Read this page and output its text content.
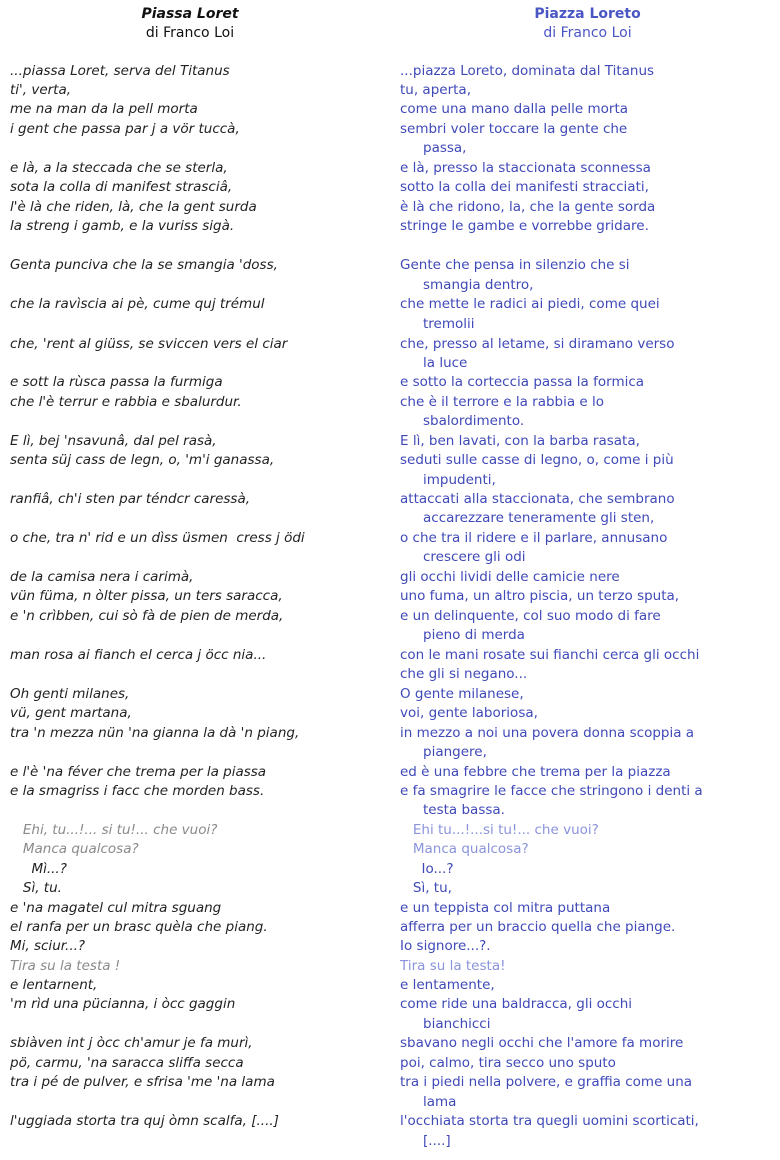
Piassa Loret
di Franco Loi
...piassa Loret, serva del Titanus
ti', verta,
me na man da la pell morta
i gent che passa par j a vör tuccà,
e là, a la steccada che se sterla,
sota la colla di manifest strasciâ,
l'è là che riden, là, che la gent surda
la streng i gamb, e la vuriss sigà.
Genta punciva che la se smangia 'doss,
che la ravìscia ai pè, cume quj trémul
che, 'rent al giüss, se sviccen vers el ciar
e sott la rùsca passa la furmiga
che l'è terrur e rabbia e sbalurdur.
E lì, bej 'nsavunâ, dal pel rasà,
senta süj cass de legn, o, 'm'i ganassa,
ranfiâ, ch'i sten par téndcr caressà,
o che, tra n' rid e un dìss üsmen  cress j ödi
de la camisa nera i carimà,
vün fümа, n òlter pissa, un ters saracca,
e 'n crìbben, cui sò fà de pien de merda,
man rosa ai fianch el cerca j öcc nia...
Oh genti milanes,
vü, gent martana,
tra 'n mezza nün 'na gianna la dà 'n piang,
e l'è 'na féver che trema per la piassa
e la smagriss i facc che morden bass.
Ehi, tu...!... si tu!... che vuoi?
Manca qualcosa?
Mì...?
Sì, tu.
e 'na magatel cul mitra sguang
el ranfa per un brasc quèla che piang.
Mi, sciur...?
Tira su la testa !
e lentarnent,
'm rìd una pücianna, i òcc gaggin
sbiàven int j òcc ch'amur je fa murì,
pö, carmu, 'na saracca sliffa secca
tra i pé de pulver, e sfrisa 'me 'na lama
l'uggiada storta tra quj òmn scalfa, [....]
Piazza Loreto
di Franco Loi
...piazza Loreto, dominata dal Titanus
tu, aperta,
come una mano dalla pelle morta
sembri voler toccare la gente che
passa,
e là, presso la staccionata sconnessa
sotto la colla dei manifesti stracciati,
è là che ridono, la, che la gente sorda
stringe le gambe e vorrebbe gridare.
Gente che pensa in silenzio che si
smangia dentro,
che mette le radici ai piedi, come quei
tremolii
che, presso al letame, si diramano verso
la luce
e sotto la corteccia passa la formica
che è il terrore e la rabbia e lo
sbalordimento.
E lì, ben lavati, con la barba rasata,
seduti sulle casse di legno, o, come i più
impudenti,
attaccati alla staccionata, che sembrano
accarezzare teneramente gli sten,
o che tra il ridere e il parlare, annusano
crescere gli odi
gli occhi lividi delle camicie nere
uno fuma, un altro piscia, un terzo sputa,
e un delinquente, col suo modo di fare
pieno di merda
con le mani rosate sui fianchi cerca gli occhi
che gli si negano...
O gente milanese,
voi, gente laboriosa,
in mezzo a noi una povera donna scoppia a
piangere,
ed è una febbre che trema per la piazza
e fa smagrire le facce che stringono i denti a
testa bassa.
Ehi tu...!...si tu!... che vuoi?
Manca qualcosa?
Io...?
Sì, tu,
e un teppista col mitra puttana
afferra per un braccio quella che piange.
Io signore...?.
Tira su la testa!
e lentamente,
come ride una baldracca, gli occhi
bianchicci
sbavano negli occhi che l'amore fa morire
poi, calmo, tira secco uno sputo
tra i piedi nella polvere, e graffia come una
lama
l'occhiata storta tra quegli uomini scorticati,
[....]
